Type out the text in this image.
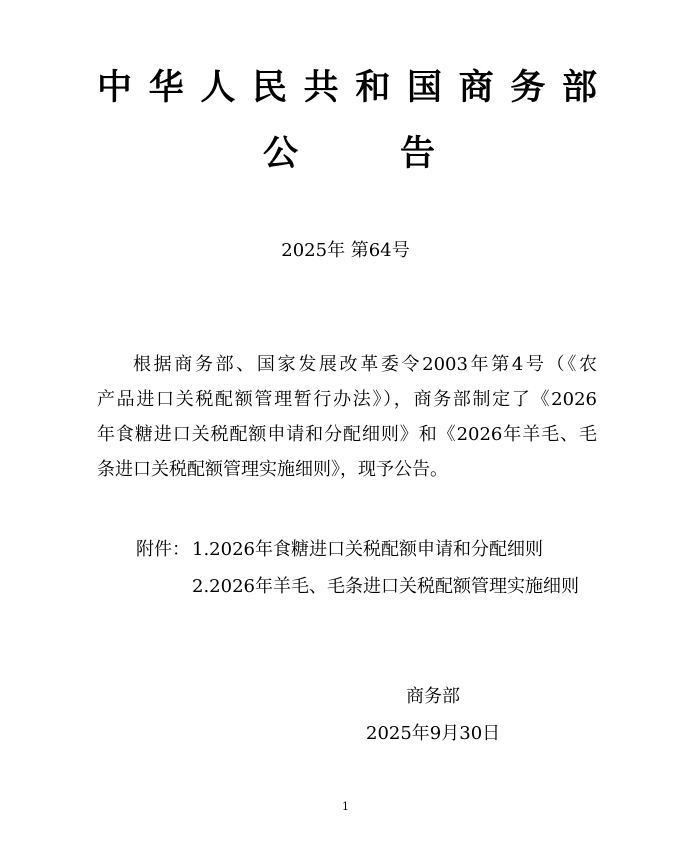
中华人民共和国商务部
公告
2025年 第64号
根据商务部、国家发展改革委令2003年第4号（《农
产品进口关税配额管理暂行办法》），商务部制定了《2026
年食糖进口关税配额申请和分配细则》和《2026年羊毛、毛
条进口关税配额管理实施细则》，现予公告。
附件： 1.2026年食糖进口关税配额申请和分配细则
2.2026年羊毛、毛条进口关税配额管理实施细则
商务部
2025年9月30日
1
